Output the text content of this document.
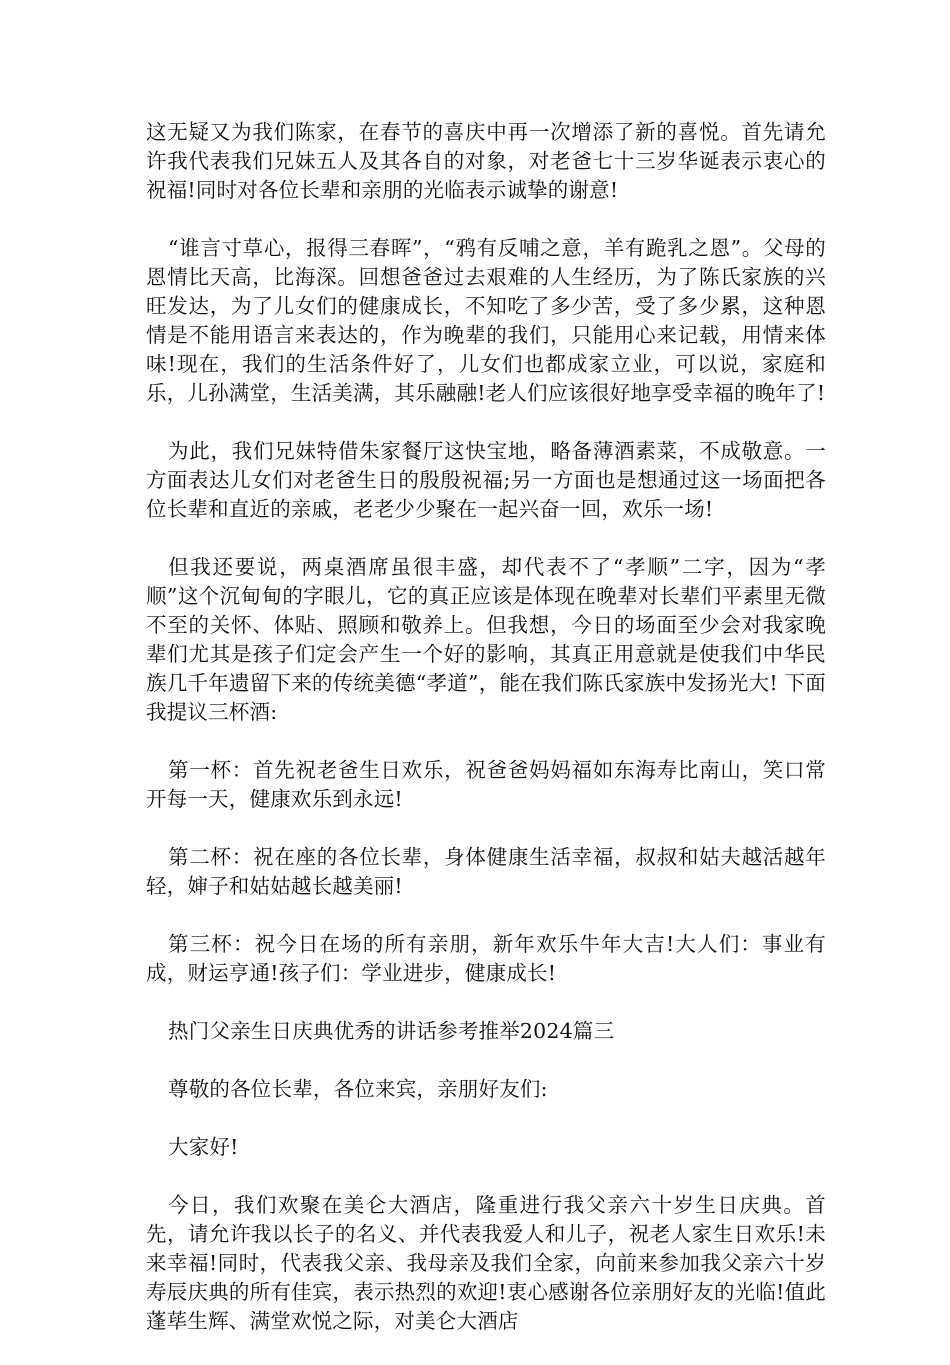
这无疑又为我们陈家，在春节的喜庆中再一次增添了新的喜悦。首先请允许我代表我们兄妹五人及其各自的对象，对老爸七十三岁华诞表示衷心的祝福!同时对各位长辈和亲朋的光临表示诚挚的谢意!

“谁言寸草心，报得三春晖”，“鸦有反哺之意，羊有跪乳之恩”。父母的恩情比天高，比海深。回想爸爸过去艰难的人生经历，为了陈氏家族的兴旺发达，为了儿女们的健康成长，不知吃了多少苦，受了多少累，这种恩情是不能用语言来表达的，作为晚辈的我们，只能用心来记载，用情来体味!现在，我们的生活条件好了，儿女们也都成家立业，可以说，家庭和乐，儿孙满堂，生活美满，其乐融融!老人们应该很好地享受幸福的晚年了!

为此，我们兄妹特借朱家餐厅这快宝地，略备薄酒素菜，不成敬意。一方面表达儿女们对老爸生日的殷殷祝福;另一方面也是想通过这一场面把各位长辈和直近的亲戚，老老少少聚在一起兴奋一回，欢乐一场!

但我还要说，两桌酒席虽很丰盛，却代表不了“孝顺”二字，因为“孝顺”这个沉甸甸的字眼儿，它的真正应该是体现在晚辈对长辈们平素里无微不至的关怀、体贴、照顾和敬养上。但我想，今日的场面至少会对我家晚辈们尤其是孩子们定会产生一个好的影响，其真正用意就是使我们中华民族几千年遗留下来的传统美德“孝道”，能在我们陈氏家族中发扬光大! 下面我提议三杯酒:

第一杯：首先祝老爸生日欢乐，祝爸爸妈妈福如东海寿比南山，笑口常开每一天，健康欢乐到永远!

第二杯：祝在座的各位长辈，身体健康生活幸福，叔叔和姑夫越活越年轻，婶子和姑姑越长越美丽!

第三杯：祝今日在场的所有亲朋，新年欢乐牛年大吉!大人们：事业有成，财运亨通!孩子们：学业进步，健康成长!

热门父亲生日庆典优秀的讲话参考推举2024篇三

尊敬的各位长辈，各位来宾，亲朋好友们:

大家好!

今日，我们欢聚在美仑大酒店，隆重进行我父亲六十岁生日庆典。首先，请允许我以长子的名义、并代表我爱人和儿子，祝老人家生日欢乐!未来幸福!同时，代表我父亲、我母亲及我们全家，向前来参加我父亲六十岁寿辰庆典的所有佳宾，表示热烈的欢迎!衷心感谢各位亲朋好友的光临!值此蓬荜生辉、满堂欢悦之际，对美仑大酒店
